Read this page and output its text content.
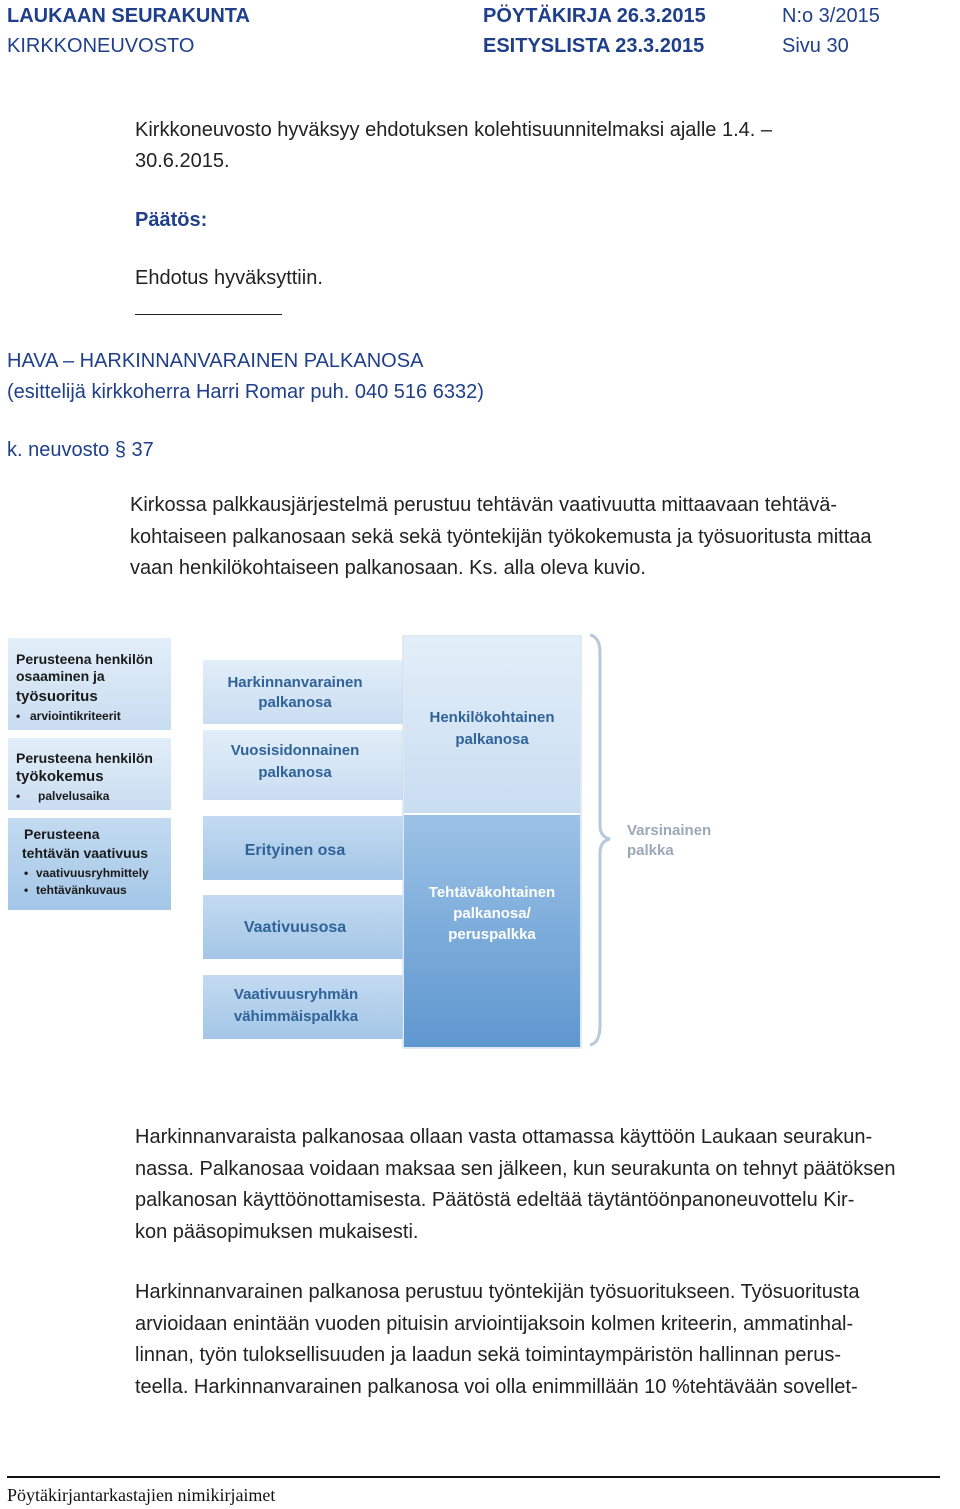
LAUKAAN SEURAKUNTA	PÖYTÄKIRJA 26.3.2015	N:o 3/2015
KIRKKONEUVOSTO	ESITYSLISTA 23.3.2015	Sivu 30
Kirkkoneuvosto hyväksyy ehdotuksen kolehtisuunnitelmaksi ajalle 1.4. –
30.6.2015.
Päätös:
Ehdotus hyväksyttiin.
HAVA – HARKINNANVARAINEN PALKANOSA
(esittelijä kirkkoherra Harri Romar puh. 040 516 6332)
k. neuvosto § 37
Kirkossa palkkausjärjestelmä perustuu tehtävän vaativuutta mittaavaan tehtävä-
kohtaiseen palkanosaan sekä sekä työntekijän työkokemusta ja työsuoritusta mittaa
vaan henkilökohtaiseen palkanosaan. Ks. alla oleva kuvio.
Perusteena henkilön
osaaminen ja
työsuoritus
• arviointikriteerit
Perusteena henkilön
työkokemus
• palvelusaika
Perusteena
tehtävän vaativuus
• vaativuusryhmittely
• tehtävänkuvaus
Harkinnanvarainen
palkanosa
Vuosisidonnainen
palkanosa
Erityinen osa
Vaativuusosa
Vaativuusryhmän
vähimmäispalkka
Henkilökohtainen
palkanosa
Tehtäväkohtainen
palkanosa/
peruspalkka
Varsinainen
palkka
Harkinnanvaraista palkanosaa ollaan vasta ottamassa käyttöön Laukaan seurakun-
nassa. Palkanosaa voidaan maksaa sen jälkeen, kun seurakunta on tehnyt päätöksen
palkanosan käyttöönottamisesta. Päätöstä edeltää täytäntöönpanoneuvottelu Kir-
kon pääsopimuksen mukaisesti.
Harkinnanvarainen palkanosa perustuu työntekijän työsuoritukseen. Työsuoritusta
arvioidaan enintään vuoden pituisin arviointijaksoin kolmen kriteerin, ammatinhal-
linnan, työn tuloksellisuuden ja laadun sekä toimintaympäristön hallinnan perus-
teella. Harkinnanvarainen palkanosa voi olla enimmillään 10 %tehtävään sovellet-
Pöytäkirjantarkastajien nimikirjaimet
